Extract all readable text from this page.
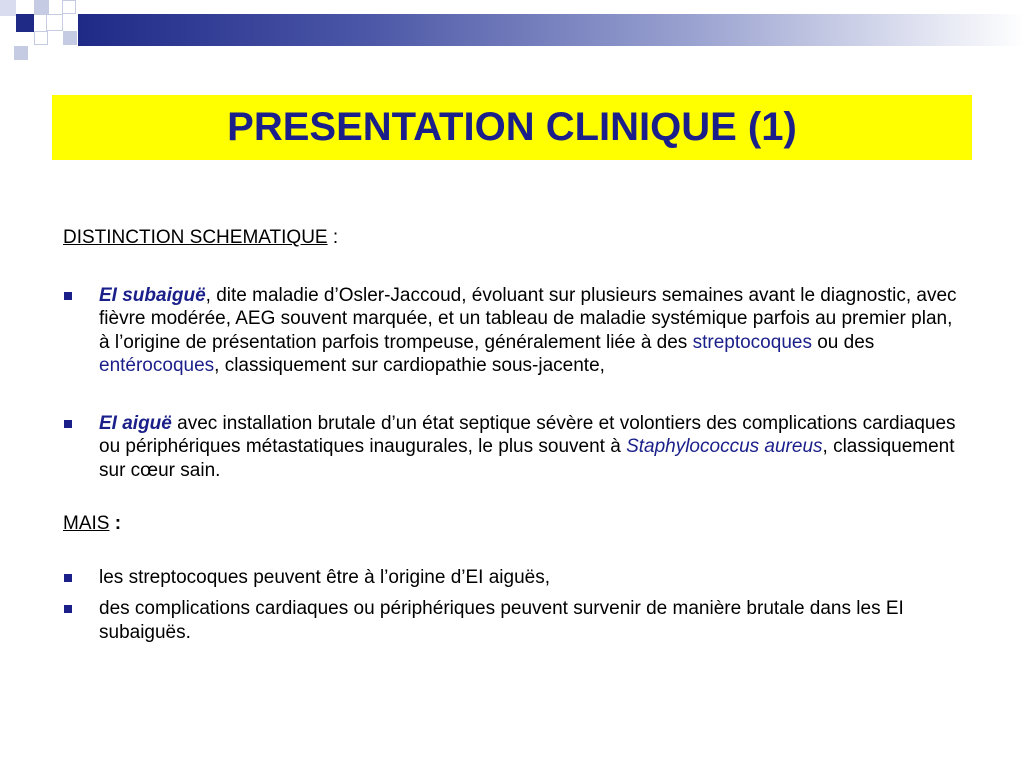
PRESENTATION CLINIQUE (1)

DISTINCTION SCHEMATIQUE :

EI subaiguë, dite maladie d’Osler-Jaccoud, évoluant sur plusieurs semaines avant le diagnostic, avec fièvre modérée, AEG souvent marquée, et un tableau de maladie systémique parfois au premier plan, à l’origine de présentation parfois trompeuse, généralement liée à des streptocoques ou des entérocoques, classiquement sur cardiopathie sous-jacente,

EI aiguë avec installation brutale d’un état septique sévère et volontiers des complications cardiaques ou périphériques métastatiques inaugurales, le plus souvent à Staphylococcus aureus, classiquement sur cœur sain.

MAIS :

les streptocoques peuvent être à l’origine d’EI aiguës,

des complications cardiaques ou périphériques peuvent survenir de manière brutale dans les EI subaiguës.
